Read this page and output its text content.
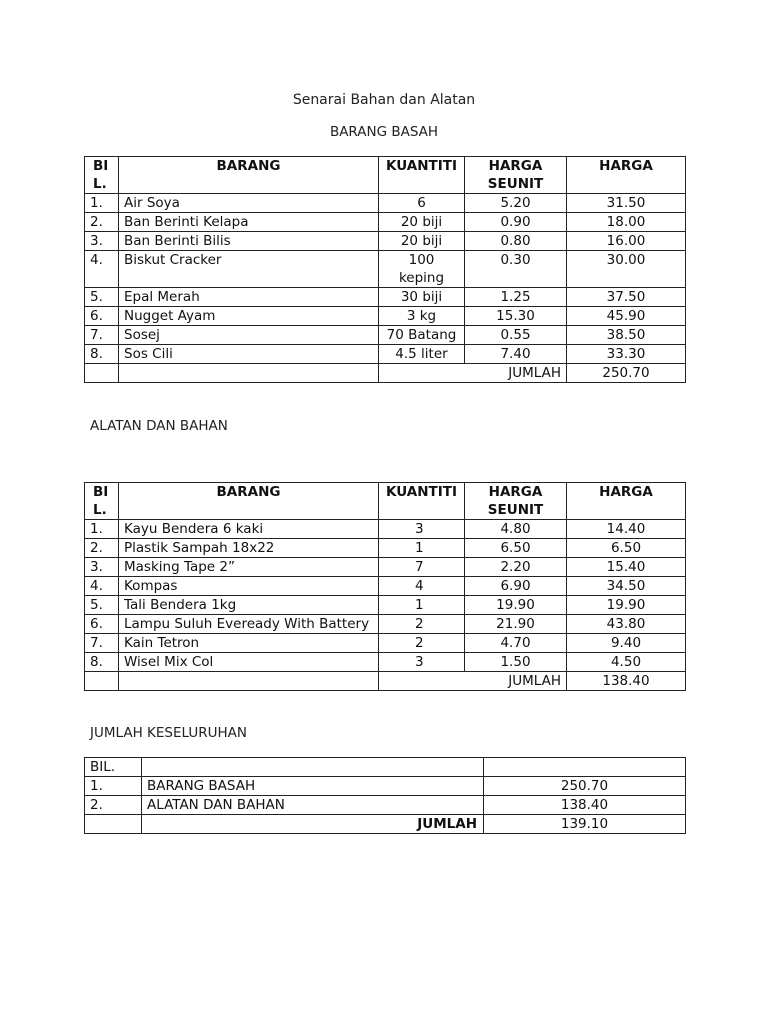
Senarai Bahan dan Alatan
BARANG BASAH
BIL.	BARANG	KUANTITI	HARGA SEUNIT	HARGA
1.	Air Soya	6	5.20	31.50
2.	Ban Berinti Kelapa	20 biji	0.90	18.00
3.	Ban Berinti Bilis	20 biji	0.80	16.00
4.	Biskut Cracker	100 keping	0.30	30.00
5.	Epal Merah	30 biji	1.25	37.50
6.	Nugget Ayam	3 kg	15.30	45.90
7.	Sosej	70 Batang	0.55	38.50
8.	Sos Cili	4.5 liter	7.40	33.30
		JUMLAH		250.70
ALATAN DAN BAHAN
BIL.	BARANG	KUANTITI	HARGA SEUNIT	HARGA
1.	Kayu Bendera 6 kaki	3	4.80	14.40
2.	Plastik Sampah 18x22	1	6.50	6.50
3.	Masking Tape 2”	7	2.20	15.40
4.	Kompas	4	6.90	34.50
5.	Tali Bendera 1kg	1	19.90	19.90
6.	Lampu Suluh Eveready With Battery	2	21.90	43.80
7.	Kain Tetron	2	4.70	9.40
8.	Wisel Mix Col	3	1.50	4.50
		JUMLAH		138.40
JUMLAH KESELURUHAN
BIL.		
1.	BARANG BASAH	250.70
2.	ALATAN DAN BAHAN	138.40
	JUMLAH	139.10
